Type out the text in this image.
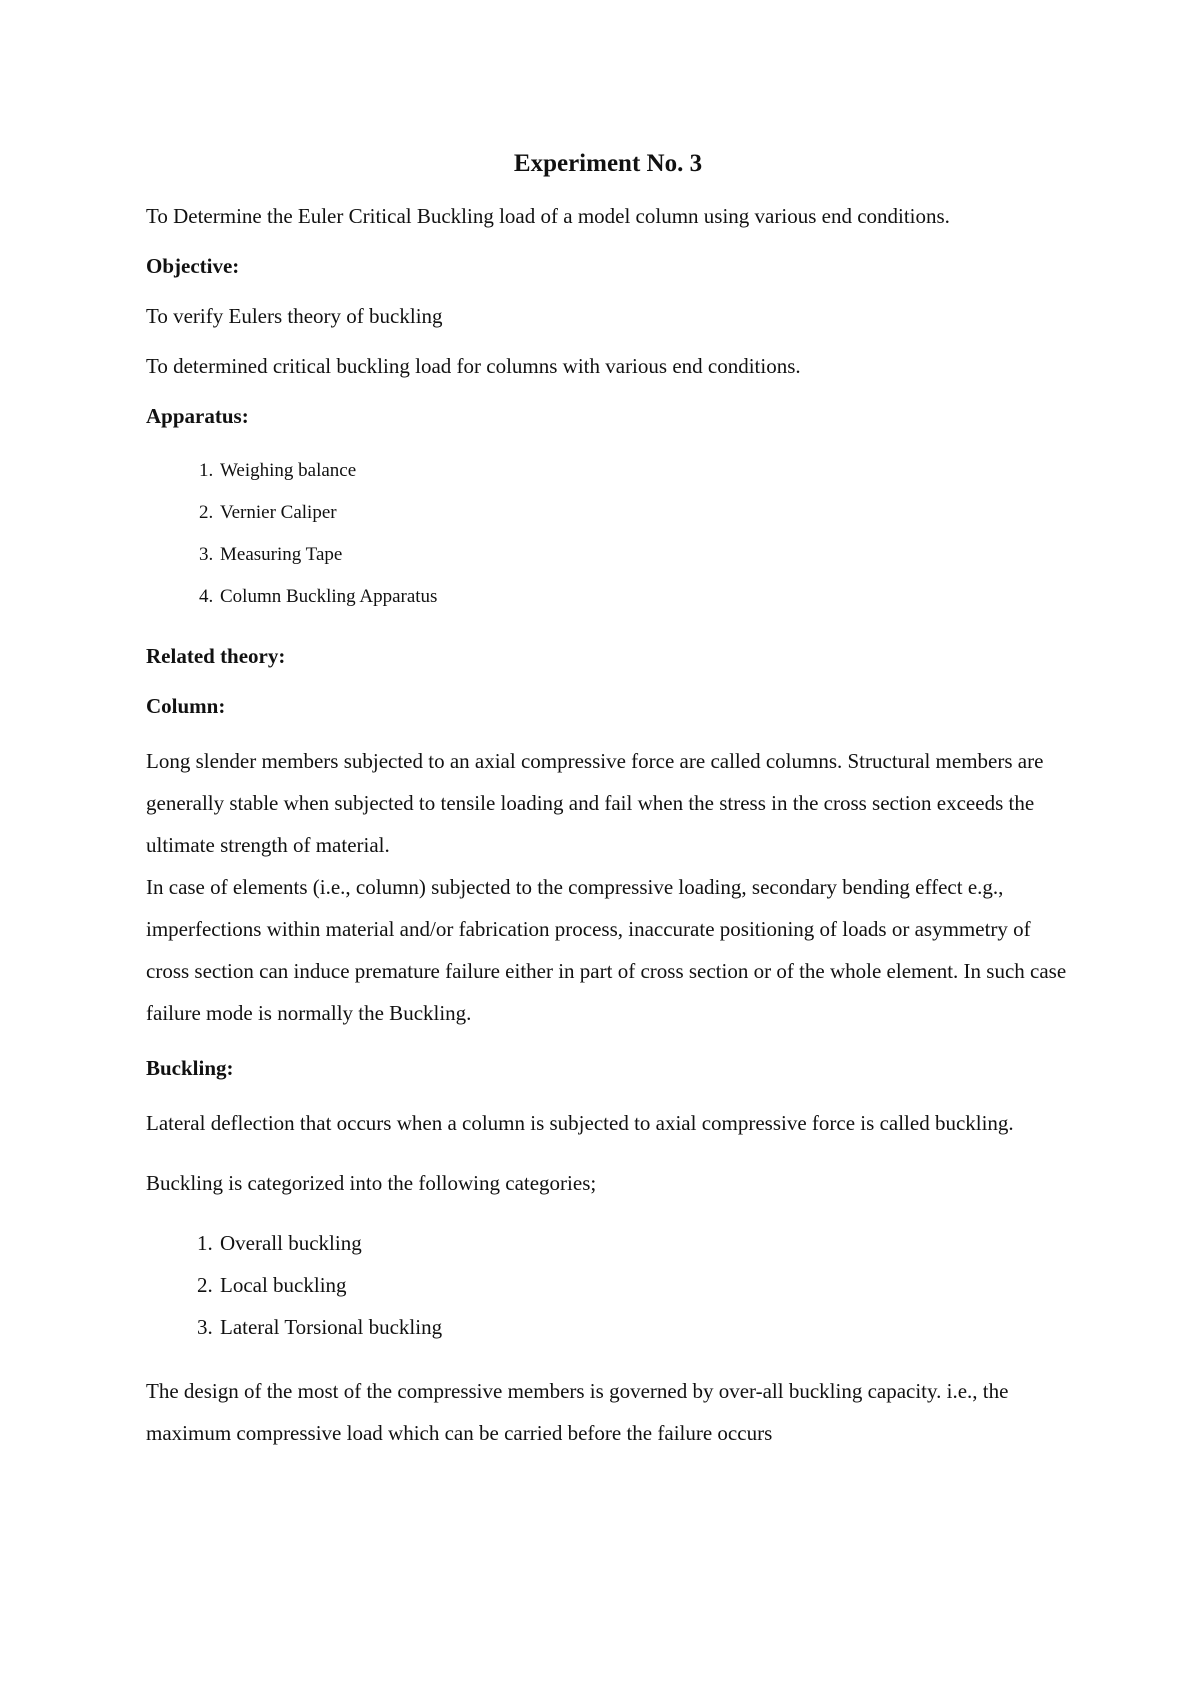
Experiment No. 3

To Determine the Euler Critical Buckling load of a model column using various end conditions.

Objective:

To verify Eulers theory of buckling

To determined critical buckling load for columns with various end conditions.

Apparatus:
1. Weighing balance
2. Vernier Caliper
3. Measuring Tape
4. Column Buckling Apparatus
Related theory:
Column:

Long slender members subjected to an axial compressive force are called columns. Structural members are generally stable when subjected to tensile loading and fail when the stress in the cross section exceeds the ultimate strength of material.

In case of elements (i.e., column) subjected to the compressive loading, secondary bending effect e.g., imperfections within material and/or fabrication process, inaccurate positioning of loads or asymmetry of cross section can induce premature failure either in part of cross section or of the whole element. In such case failure mode is normally the Buckling.

Buckling:

Lateral deflection that occurs when a column is subjected to axial compressive force is called buckling.

Buckling is categorized into the following categories;

1. Overall buckling
2. Local buckling
3. Lateral Torsional buckling

The design of the most of the compressive members is governed by over-all buckling capacity. i.e., the maximum compressive load which can be carried before the failure occurs
